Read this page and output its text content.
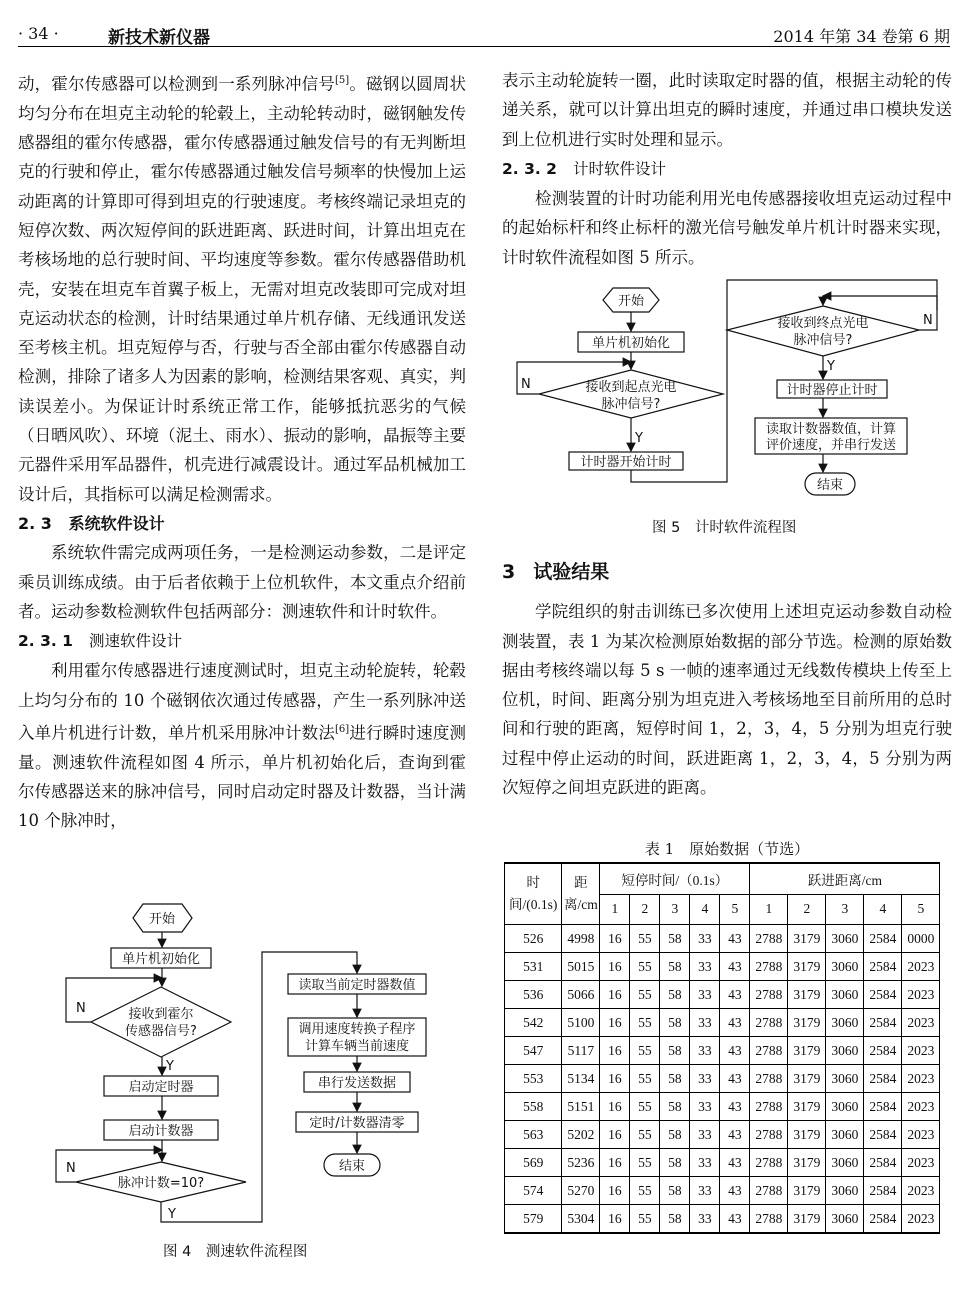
· 34 ·	新技术新仪器	2014 年第 34 卷第 6 期

动，霍尔传感器可以检测到一系列脉冲信号[5]。磁钢以圆周状均匀分布在坦克主动轮的轮毂上，主动轮转动时，磁钢触发传感器组的霍尔传感器，霍尔传感器通过触发信号的有无判断坦克的行驶和停止，霍尔传感器通过触发信号频率的快慢加上运动距离的计算即可得到坦克的行驶速度。考核终端记录坦克的短停次数、两次短停间的跃进距离、跃进时间，计算出坦克在考核场地的总行驶时间、平均速度等参数。霍尔传感器借助机壳，安装在坦克车首翼子板上，无需对坦克改装即可完成对坦克运动状态的检测，计时结果通过单片机存储、无线通讯发送至考核主机。坦克短停与否，行驶与否全部由霍尔传感器自动检测，排除了诸多人为因素的影响，检测结果客观、真实，判读误差小。为保证计时系统正常工作，能够抵抗恶劣的气候（日晒风吹）、环境（泥土、雨水）、振动的影响，晶振等主要元器件采用军品器件，机壳进行减震设计。通过军品机械加工设计后，其指标可以满足检测需求。

2. 3 系统软件设计

系统软件需完成两项任务，一是检测运动参数，二是评定乘员训练成绩。由于后者依赖于上位机软件，本文重点介绍前者。运动参数检测软件包括两部分：测速软件和计时软件。

2. 3. 1 测速软件设计

利用霍尔传感器进行速度测试时，坦克主动轮旋转，轮毂上均匀分布的 10 个磁钢依次通过传感器，产生一系列脉冲送入单片机进行计数，单片机采用脉冲计数法[6]进行瞬时速度测量。测速软件流程如图 4 所示，单片机初始化后，查询到霍尔传感器送来的脉冲信号，同时启动定时器及计数器，当计满 10 个脉冲时，

开始
单片机初始化
接收到霍尔
传感器信号?
启动定时器
启动计数器
脉冲计数=10?
读取当前定时器数值
调用速度转换子程序
计算车辆当前速度
串行发送数据
定时/计数器清零
结束
N
Y
N
Y
图 4　测速软件流程图

表示主动轮旋转一圈，此时读取定时器的值，根据主动轮的传递关系，就可以计算出坦克的瞬时速度，并通过串口模块发送到上位机进行实时处理和显示。

2. 3. 2 计时软件设计

检测装置的计时功能利用光电传感器接收坦克运动过程中的起始标杆和终止标杆的激光信号触发单片机计时器来实现，计时软件流程如图 5 所示。

开始
单片机初始化
接收到起点光电
脉冲信号?
计时器开始计时
接收到终点光电
脉冲信号?
计时器停止计时
读取计数器数值，计算
评价速度，并串行发送
结束
N
Y
N
Y
图 5　计时软件流程图

3 试验结果

学院组织的射击训练已多次使用上述坦克运动参数自动检测装置，表 1 为某次检测原始数据的部分节选。检测的原始数据由考核终端以每 5 s 一帧的速率通过无线数传模块上传至上位机，时间、距离分别为坦克进入考核场地至目前所用的总时间和行驶的距离，短停时间 1，2，3，4，5 分别为坦克行驶过程中停止运动的时间，跃进距离 1，2，3，4，5 分别为两次短停之间坦克跃进的距离。

表 1　原始数据（节选）
时间/(0.1s)	距离/cm	短停时间/（0.1s）					跃进距离/cm				
		1	2	3	4	5	1	2	3	4	5
526	4998	16	55	58	33	43	2788	3179	3060	2584	0000
531	5015	16	55	58	33	43	2788	3179	3060	2584	2023
536	5066	16	55	58	33	43	2788	3179	3060	2584	2023
542	5100	16	55	58	33	43	2788	3179	3060	2584	2023
547	5117	16	55	58	33	43	2788	3179	3060	2584	2023
553	5134	16	55	58	33	43	2788	3179	3060	2584	2023
558	5151	16	55	58	33	43	2788	3179	3060	2584	2023
563	5202	16	55	58	33	43	2788	3179	3060	2584	2023
569	5236	16	55	58	33	43	2788	3179	3060	2584	2023
574	5270	16	55	58	33	43	2788	3179	3060	2584	2023
579	5304	16	55	58	33	43	2788	3179	3060	2584	2023
